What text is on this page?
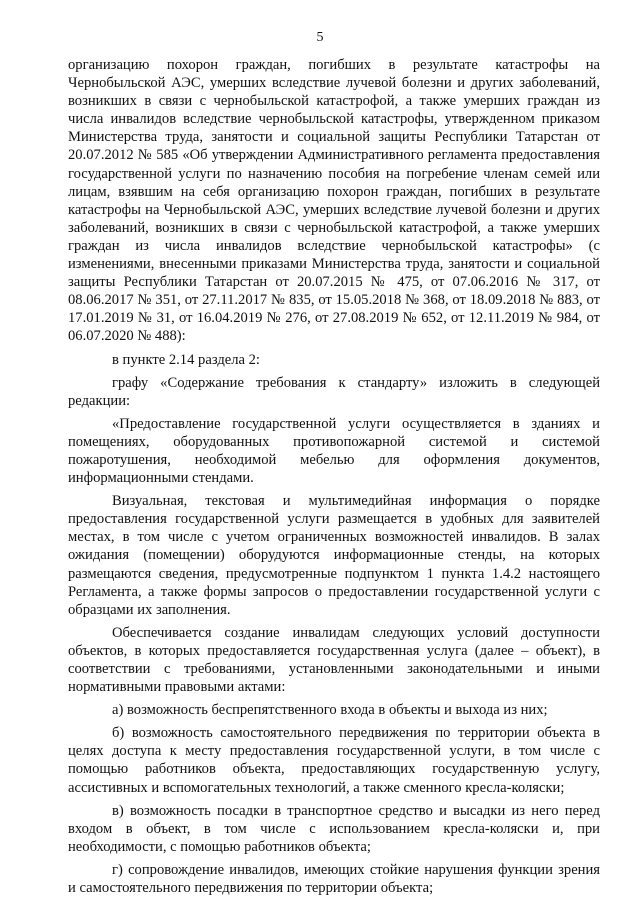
5

организацию похорон граждан, погибших в результате катастрофы на Чернобыльской АЭС, умерших вследствие лучевой болезни и других заболеваний, возникших в связи с чернобыльской катастрофой, а также умерших граждан из числа инвалидов вследствие чернобыльской катастрофы, утвержденном приказом Министерства труда, занятости и социальной защиты Республики Татарстан от 20.07.2012 № 585 «Об утверждении Административного регламента предоставления государственной услуги по назначению пособия на погребение членам семей или лицам, взявшим на себя организацию похорон граждан, погибших в результате катастрофы на Чернобыльской АЭС, умерших вследствие лучевой болезни и других заболеваний, возникших в связи с чернобыльской катастрофой, а также умерших граждан из числа инвалидов вследствие чернобыльской катастрофы» (с изменениями, внесенными приказами Министерства труда, занятости и социальной защиты Республики Татарстан от 20.07.2015 № 475, от 07.06.2016 № 317, от 08.06.2017 № 351, от 27.11.2017 № 835, от 15.05.2018 № 368, от 18.09.2018 № 883, от 17.01.2019 № 31, от 16.04.2019 № 276, от 27.08.2019 № 652, от 12.11.2019 № 984, от 06.07.2020 № 488):

в пункте 2.14 раздела 2:

графу «Содержание требования к стандарту» изложить в следующей редакции:

«Предоставление государственной услуги осуществляется в зданиях и помещениях, оборудованных противопожарной системой и системой пожаротушения, необходимой мебелью для оформления документов, информационными стендами.

Визуальная, текстовая и мультимедийная информация о порядке предоставления государственной услуги размещается в удобных для заявителей местах, в том числе с учетом ограниченных возможностей инвалидов. В залах ожидания (помещении) оборудуются информационные стенды, на которых размещаются сведения, предусмотренные подпунктом 1 пункта 1.4.2 настоящего Регламента, а также формы запросов о предоставлении государственной услуги с образцами их заполнения.

Обеспечивается создание инвалидам следующих условий доступности объектов, в которых предоставляется государственная услуга (далее – объект), в соответствии с требованиями, установленными законодательными и иными нормативными правовыми актами:

а) возможность беспрепятственного входа в объекты и выхода из них;

б) возможность самостоятельного передвижения по территории объекта в целях доступа к месту предоставления государственной услуги, в том числе с помощью работников объекта, предоставляющих государственную услугу, ассистивных и вспомогательных технологий, а также сменного кресла-коляски;

в) возможность посадки в транспортное средство и высадки из него перед входом в объект, в том числе с использованием кресла-коляски и, при необходимости, с помощью работников объекта;

г) сопровождение инвалидов, имеющих стойкие нарушения функции зрения и самостоятельного передвижения по территории объекта;
